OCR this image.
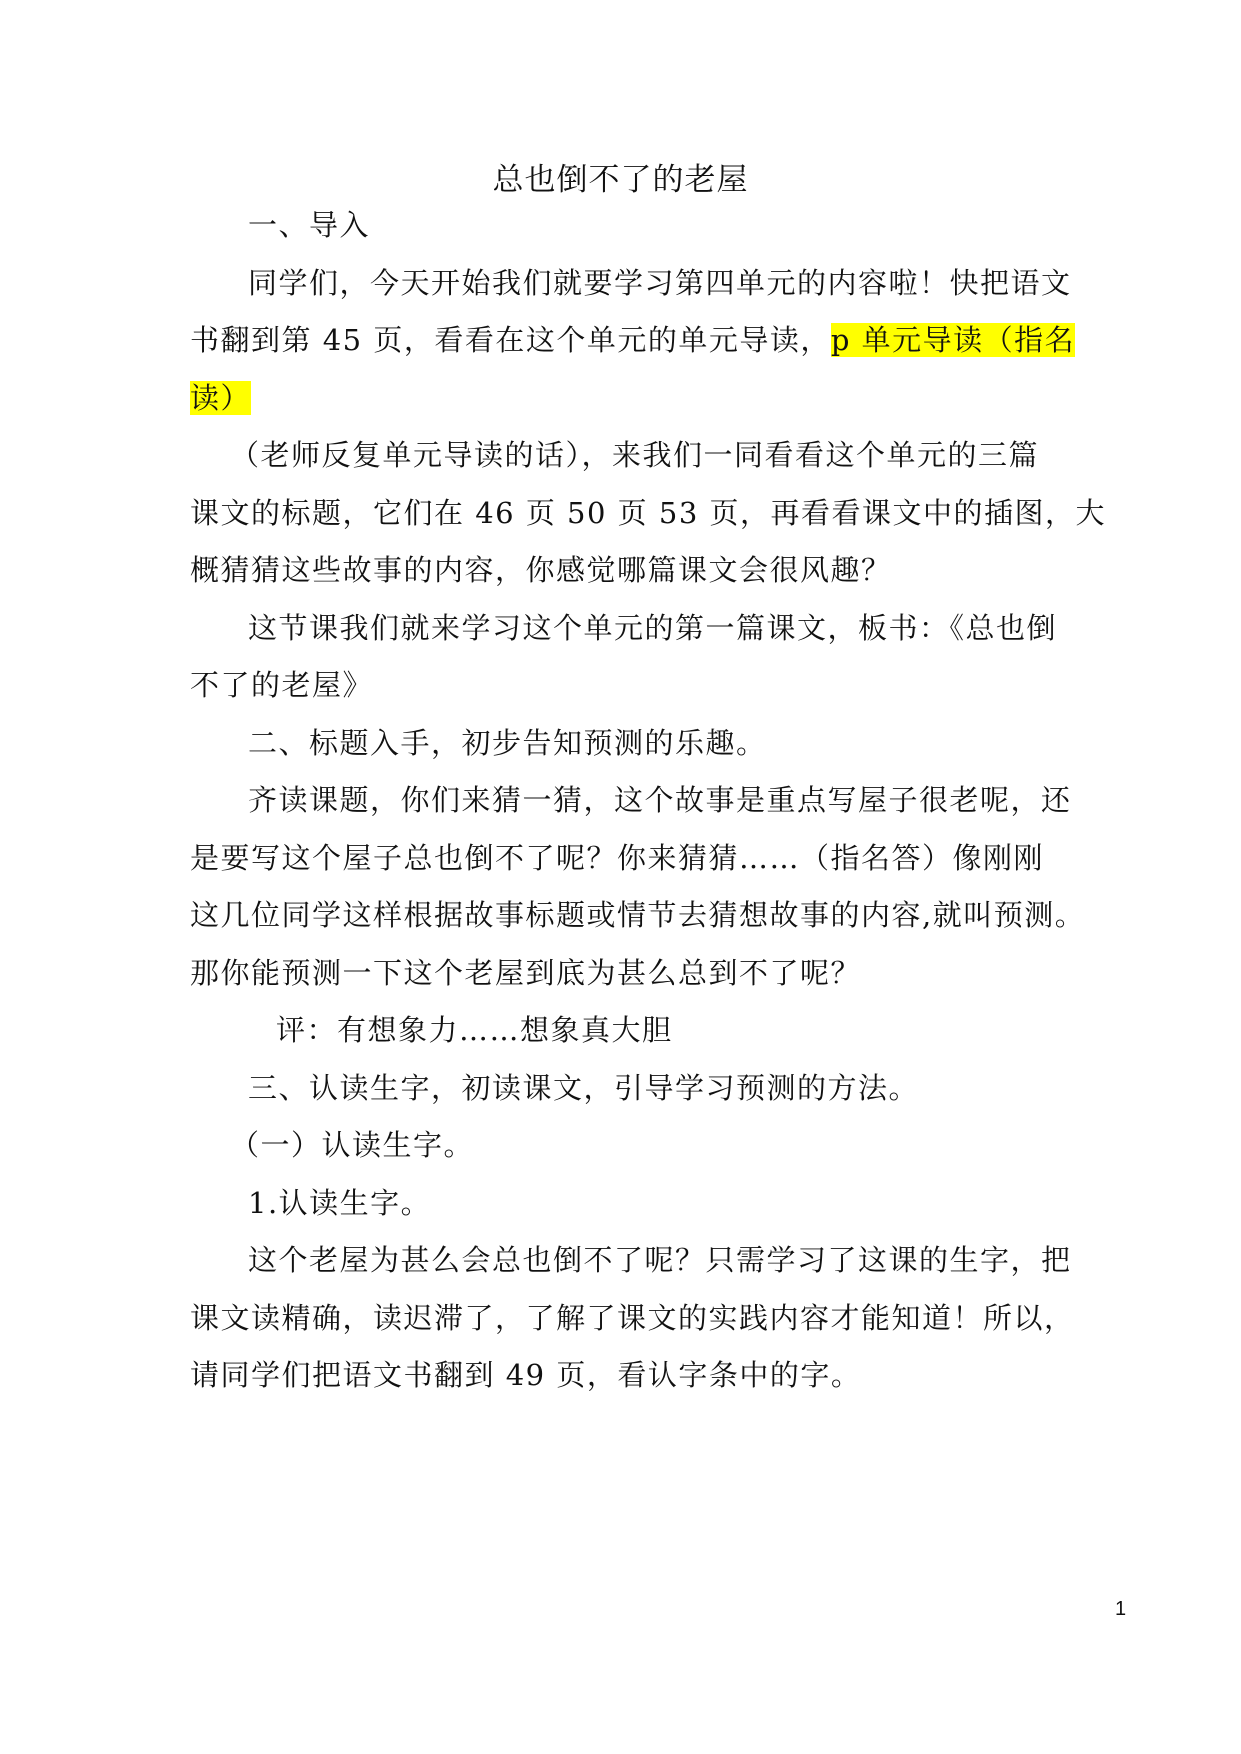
总也倒不了的老屋
一、导入
同学们，今天开始我们就要学习第四单元的内容啦！快把语文
书翻到第 45 页，看看在这个单元的单元导读，p 单元导读（指名
读）
（老师反复单元导读的话），来我们一同看看这个单元的三篇
课文的标题，它们在 46 页 50 页 53 页，再看看课文中的插图，大
概猜猜这些故事的内容，你感觉哪篇课文会很风趣？
这节课我们就来学习这个单元的第一篇课文，板书：《总也倒
不了的老屋》
二、标题入手，初步告知预测的乐趣。
齐读课题，你们来猜一猜，这个故事是重点写屋子很老呢，还
是要写这个屋子总也倒不了呢？你来猜猜……（指名答）像刚刚
这几位同学这样根据故事标题或情节去猜想故事的内容,就叫预测。
那你能预测一下这个老屋到底为甚么总到不了呢？
评：有想象力……想象真大胆
三、认读生字，初读课文，引导学习预测的方法。
（一）认读生字。
1.认读生字。
这个老屋为甚么会总也倒不了呢？只需学习了这课的生字，把
课文读精确，读迟滞了，了解了课文的实践内容才能知道！所以，
请同学们把语文书翻到 49 页，看认字条中的字。
1
